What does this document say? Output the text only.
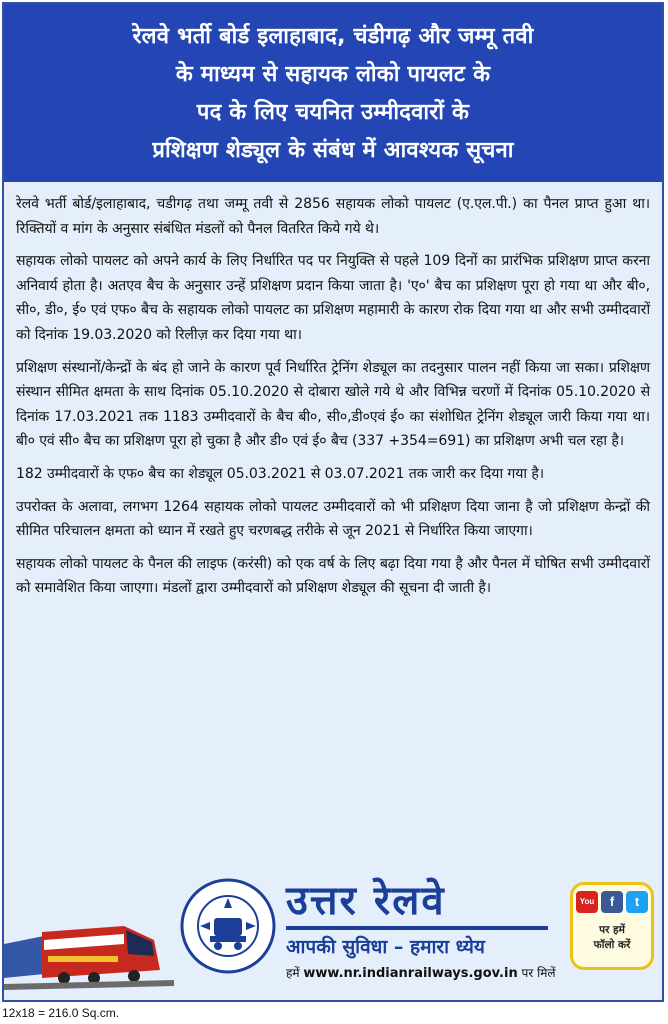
रेलवे भर्ती बोर्ड इलाहाबाद, चंडीगढ़ और जम्मू तवी
के माध्यम से सहायक लोको पायलट के
पद के लिए चयनित उम्मीदवारों के
प्रशिक्षण शेड्यूल के संबंध में आवश्यक सूचना

रेलवे भर्ती बोर्ड/इलाहाबाद, चडीगढ़ तथा जम्मू तवी से 2856 सहायक लोको पायलट (ए.एल.पी.) का पैनल प्राप्त हुआ था। रिक्तियों व मांग के अनुसार संबंधित मंडलों को पैनल वितरित किये गये थे।

सहायक लोको पायलट को अपने कार्य के लिए निर्धारित पद पर नियुक्ति से पहले 109 दिनों का प्रारंभिक प्रशिक्षण प्राप्त करना अनिवार्य होता है। अतएव बैच के अनुसार उन्हें प्रशिक्षण प्रदान किया जाता है। 'ए०' बैच का प्रशिक्षण पूरा हो गया था और बी०, सी०, डी०, ई० एवं एफ० बैच के सहायक लोको पायलट का प्रशिक्षण महामारी के कारण रोक दिया गया था और सभी उम्मीदवारों को दिनांक 19.03.2020 को रिलीज़ कर दिया गया था।

प्रशिक्षण संस्थानों/केन्द्रों के बंद हो जाने के कारण पूर्व निर्धारित ट्रेनिंग शेड्यूल का तदनुसार पालन नहीं किया जा सका। प्रशिक्षण संस्थान सीमित क्षमता के साथ दिनांक 05.10.2020 से दोबारा खोले गये थे और विभिन्न चरणों में दिनांक 05.10.2020 से दिनांक 17.03.2021 तक 1183 उम्मीदवारों के बैच बी०, सी०,डी०एवं ई० का संशोधित ट्रेनिंग शेड्यूल जारी किया गया था। बी० एवं सी० बैच का प्रशिक्षण पूरा हो चुका है और डी० एवं ई० बैच (337 +354=691) का प्रशिक्षण अभी चल रहा है।

182 उम्मीदवारों के एफ० बैच का शेड्यूल 05.03.2021 से 03.07.2021 तक जारी कर दिया गया है।

उपरोक्त के अलावा, लगभग 1264 सहायक लोको पायलट उम्मीदवारों को भी प्रशिक्षण दिया जाना है जो प्रशिक्षण केन्द्रों की सीमित परिचालन क्षमता को ध्यान में रखते हुए चरणबद्ध तरीके से जून 2021 से निर्धारित किया जाएगा।

सहायक लोको पायलट के पैनल की लाइफ (करंसी) को एक वर्ष के लिए बढ़ा दिया गया है और पैनल में घोषित सभी उम्मीदवारों को समावेशित किया जाएगा। मंडलों द्वारा उम्मीदवारों को प्रशिक्षण शेड्यूल की सूचना दी जाती है।

उत्तर रेलवे
आपकी सुविधा – हमारा ध्येय
हमें www.nr.indianrailways.gov.in पर मिलें
You	f	t
पर हमें
फॉलो करें
12x18 = 216.0 Sq.cm.
